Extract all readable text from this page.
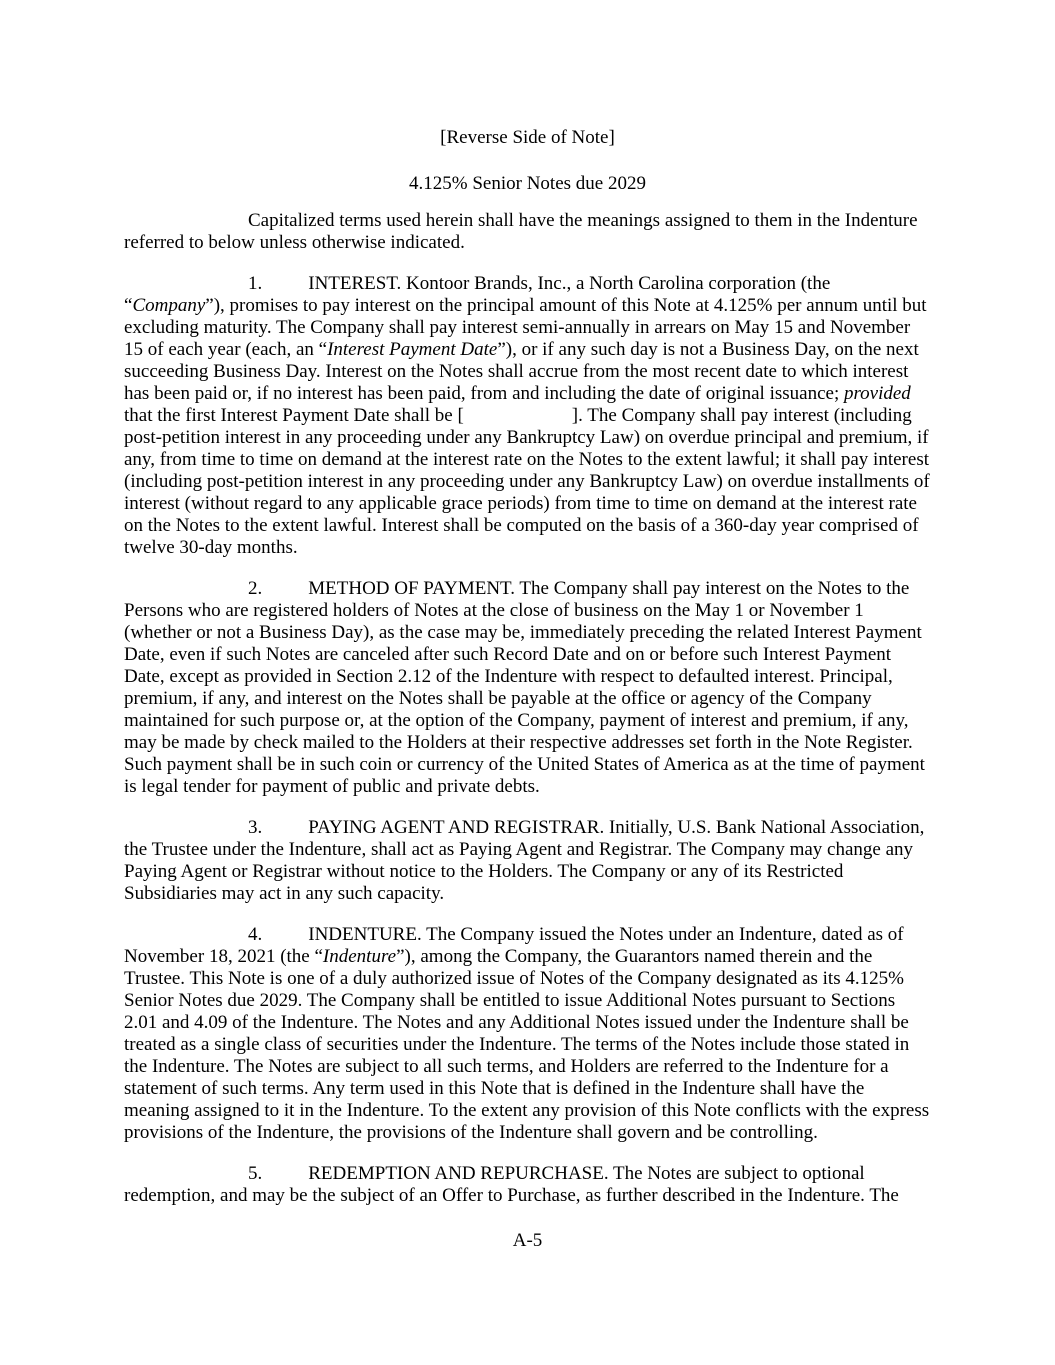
[Reverse Side of Note]
4.125% Senior Notes due 2029

Capitalized terms used herein shall have the meanings assigned to them in the Indenture referred to below unless otherwise indicated.

1. INTEREST. Kontoor Brands, Inc., a North Carolina corporation (the “Company”), promises to pay interest on the principal amount of this Note at 4.125% per annum until but excluding maturity. The Company shall pay interest semi-annually in arrears on May 15 and November 15 of each year (each, an “Interest Payment Date”), or if any such day is not a Business Day, on the next succeeding Business Day. Interest on the Notes shall accrue from the most recent date to which interest has been paid or, if no interest has been paid, from and including the date of original issuance; provided that the first Interest Payment Date shall be [	]. The Company shall pay interest (including post-petition interest in any proceeding under any Bankruptcy Law) on overdue principal and premium, if any, from time to time on demand at the interest rate on the Notes to the extent lawful; it shall pay interest (including post-petition interest in any proceeding under any Bankruptcy Law) on overdue installments of interest (without regard to any applicable grace periods) from time to time on demand at the interest rate on the Notes to the extent lawful. Interest shall be computed on the basis of a 360-day year comprised of twelve 30-day months.

2. METHOD OF PAYMENT. The Company shall pay interest on the Notes to the Persons who are registered holders of Notes at the close of business on the May 1 or November 1 (whether or not a Business Day), as the case may be, immediately preceding the related Interest Payment Date, even if such Notes are canceled after such Record Date and on or before such Interest Payment Date, except as provided in Section 2.12 of the Indenture with respect to defaulted interest. Principal, premium, if any, and interest on the Notes shall be payable at the office or agency of the Company maintained for such purpose or, at the option of the Company, payment of interest and premium, if any, may be made by check mailed to the Holders at their respective addresses set forth in the Note Register. Such payment shall be in such coin or currency of the United States of America as at the time of payment is legal tender for payment of public and private debts.

3. PAYING AGENT AND REGISTRAR. Initially, U.S. Bank National Association, the Trustee under the Indenture, shall act as Paying Agent and Registrar. The Company may change any Paying Agent or Registrar without notice to the Holders. The Company or any of its Restricted Subsidiaries may act in any such capacity.

4. INDENTURE. The Company issued the Notes under an Indenture, dated as of November 18, 2021 (the “Indenture”), among the Company, the Guarantors named therein and the Trustee. This Note is one of a duly authorized issue of Notes of the Company designated as its 4.125% Senior Notes due 2029. The Company shall be entitled to issue Additional Notes pursuant to Sections 2.01 and 4.09 of the Indenture. The Notes and any Additional Notes issued under the Indenture shall be treated as a single class of securities under the Indenture. The terms of the Notes include those stated in the Indenture. The Notes are subject to all such terms, and Holders are referred to the Indenture for a statement of such terms. Any term used in this Note that is defined in the Indenture shall have the meaning assigned to it in the Indenture. To the extent any provision of this Note conflicts with the express provisions of the Indenture, the provisions of the Indenture shall govern and be controlling.

5. REDEMPTION AND REPURCHASE. The Notes are subject to optional redemption, and may be the subject of an Offer to Purchase, as further described in the Indenture. The

A-5
